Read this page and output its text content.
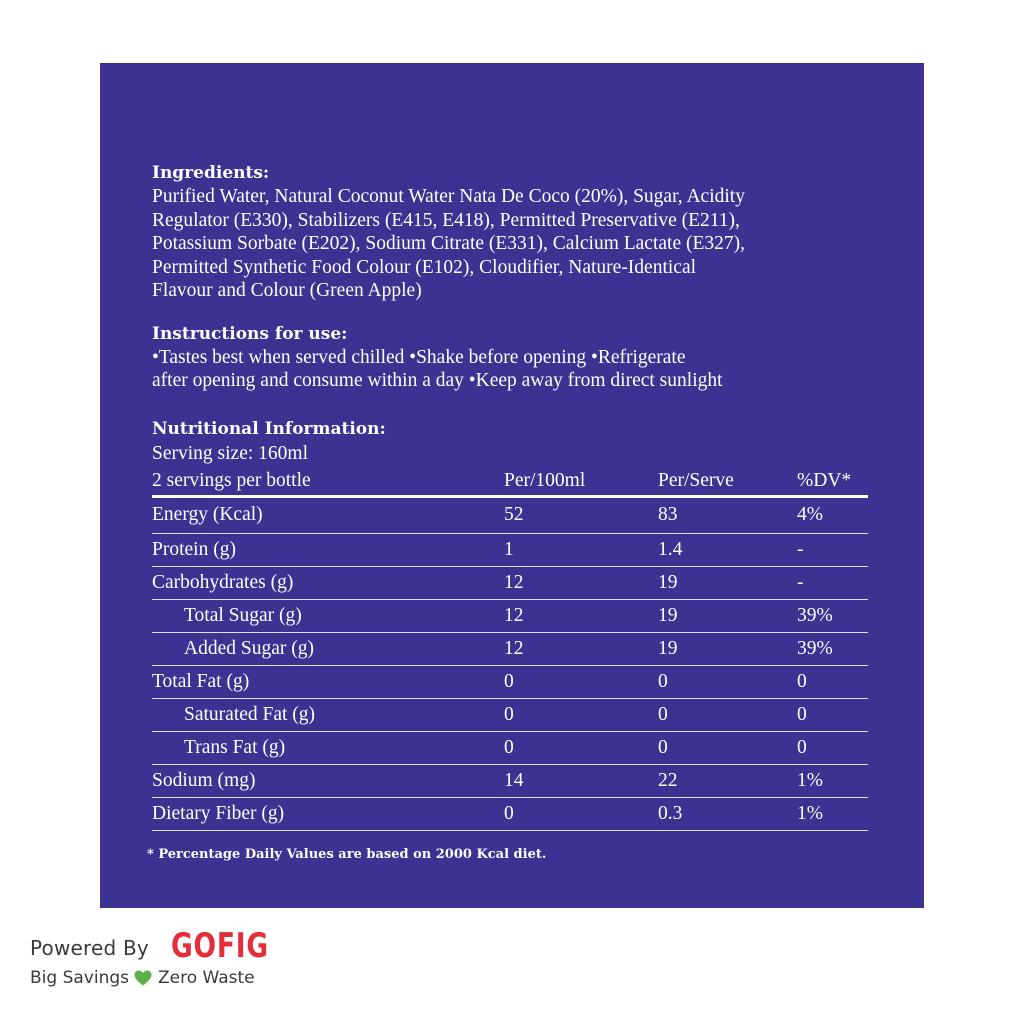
Ingredients:

Purified Water, Natural Coconut Water Nata De Coco (20%), Sugar, Acidity

Regulator (E330), Stabilizers (E415, E418), Permitted Preservative (E211),

Potassium Sorbate (E202), Sodium Citrate (E331), Calcium Lactate (E327),

Permitted Synthetic Food Colour (E102), Cloudifier, Nature-Identical

Flavour and Colour (Green Apple)

Instructions for use:

•Tastes best when served chilled •Shake before opening •Refrigerate

after opening and consume within a day •Keep away from direct sunlight

Nutritional Information:

Serving size: 160ml

2 servings per bottle	Per/100ml	Per/Serve	%DV*
Energy (Kcal)	52	83	4%
Protein (g)	1	1.4	-
Carbohydrates (g)	12	19	-
Total Sugar (g)	12	19	39%
Added Sugar (g)	12	19	39%
Total Fat (g)	0	0	0
Saturated Fat (g)	0	0	0
Trans Fat (g)	0	0	0
Sodium (mg)	14	22	1%
Dietary Fiber (g)	0	0.3	1%
* Percentage Daily Values are based on 2000 Kcal diet.
Powered By GOFIG
Big Savings Zero Waste
